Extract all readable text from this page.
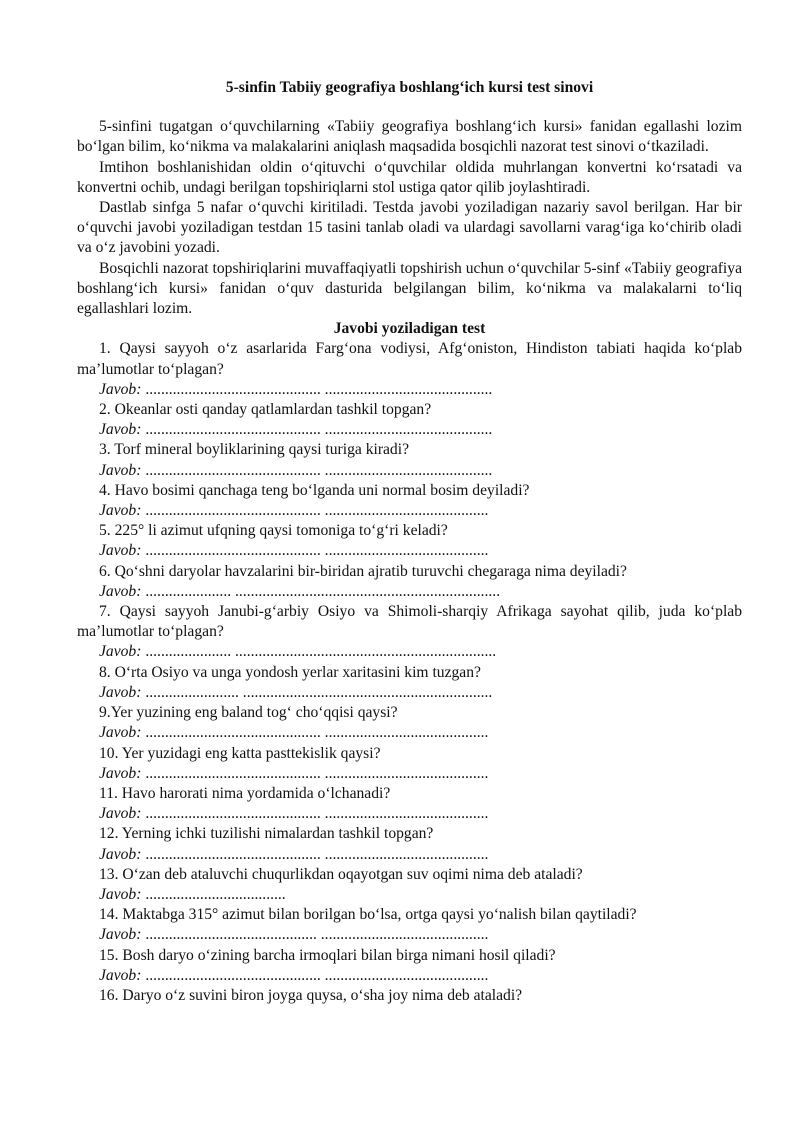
5-sinfin Tabiiy geografiya boshlang‘ich kursi test sinovi

5-sinfini tugatgan o‘quvchilarning «Tabiiy geografiya boshlang‘ich kursi» fanidan egallashi lozim bo‘lgan bilim, ko‘nikma va malakalarini aniqlash maqsadida bosqichli nazorat test sinovi o‘tkaziladi.

Imtihon boshlanishidan oldin o‘qituvchi o‘quvchilar oldida muhrlangan konvertni ko‘rsatadi va konvertni ochib, undagi berilgan topshiriqlarni stol ustiga qator qilib joylashtiradi.

Dastlab sinfga 5 nafar o‘quvchi kiritiladi. Testda javobi yoziladigan nazariy savol berilgan. Har bir o‘quvchi javobi yoziladigan testdan 15 tasini tanlab oladi va ulardagi savollarni varag‘iga ko‘chirib oladi va o‘z javobini yozadi.

Bosqichli nazorat topshiriqlarini muvaffaqiyatli topshirish uchun o‘quvchilar 5-sinf «Tabiiy geografiya boshlang‘ich kursi» fanidan o‘quv dasturida belgilangan bilim, ko‘nikma va malakalarni to‘liq egallashlari lozim.

Javobi yoziladigan test

1. Qaysi sayyoh o‘z asarlarida Farg‘ona vodiysi, Afg‘oniston, Hindiston tabiati haqida ko‘plab ma’lumotlar to‘plagan?

Javob: ............................................. ...........................................

2. Okeanlar osti qanday qatlamlardan tashkil topgan?

Javob: ............................................. ...........................................

3. Torf mineral boyliklarining qaysi turiga kiradi?

Javob: ............................................. ...........................................

4. Havo bosimi qanchaga teng bo‘lganda uni normal bosim deyiladi?

Javob: ............................................. ..........................................

5. 225° li azimut ufqning qaysi tomoniga to‘g‘ri keladi?

Javob: ............................................. ..........................................

6. Qo‘shni daryolar havzalarini bir-biridan ajratib turuvchi chegaraga nima deyiladi?

Javob: ...................... ....................................................................

7. Qaysi sayyoh Janubi-g‘arbiy Osiyo va Shimoli-sharqiy Afrikaga sayohat qilib, juda ko‘plab ma’lumotlar to‘plagan?

Javob: ...................... ...................................................................

8. O‘rta Osiyo va unga yondosh yerlar xaritasini kim tuzgan?

Javob: ........................ ................................................................

9.Yer yuzining eng baland tog‘ cho‘qqisi qaysi?

Javob: ............................................. ..........................................

10. Yer yuzidagi eng katta pasttekislik qaysi?

Javob: ............................................. ..........................................

11. Havo harorati nima yordamida o‘lchanadi?

Javob: ............................................. ..........................................

12. Yerning ichki tuzilishi nimalardan tashkil topgan?

Javob: ............................................. ..........................................

13. O‘zan deb ataluvchi chuqurlikdan oqayotgan suv oqimi nima deb ataladi?

Javob: ....................................

14. Maktabga 315° azimut bilan borilgan bo‘lsa, ortga qaysi yo‘nalish bilan qaytiladi?

Javob: ............................................ ...........................................

15. Bosh daryo o‘zining barcha irmoqlari bilan birga nimani hosil qiladi?

Javob: ............................................. ..........................................

16. Daryo o‘z suvini biron joyga quysa, o‘sha joy nima deb ataladi?
